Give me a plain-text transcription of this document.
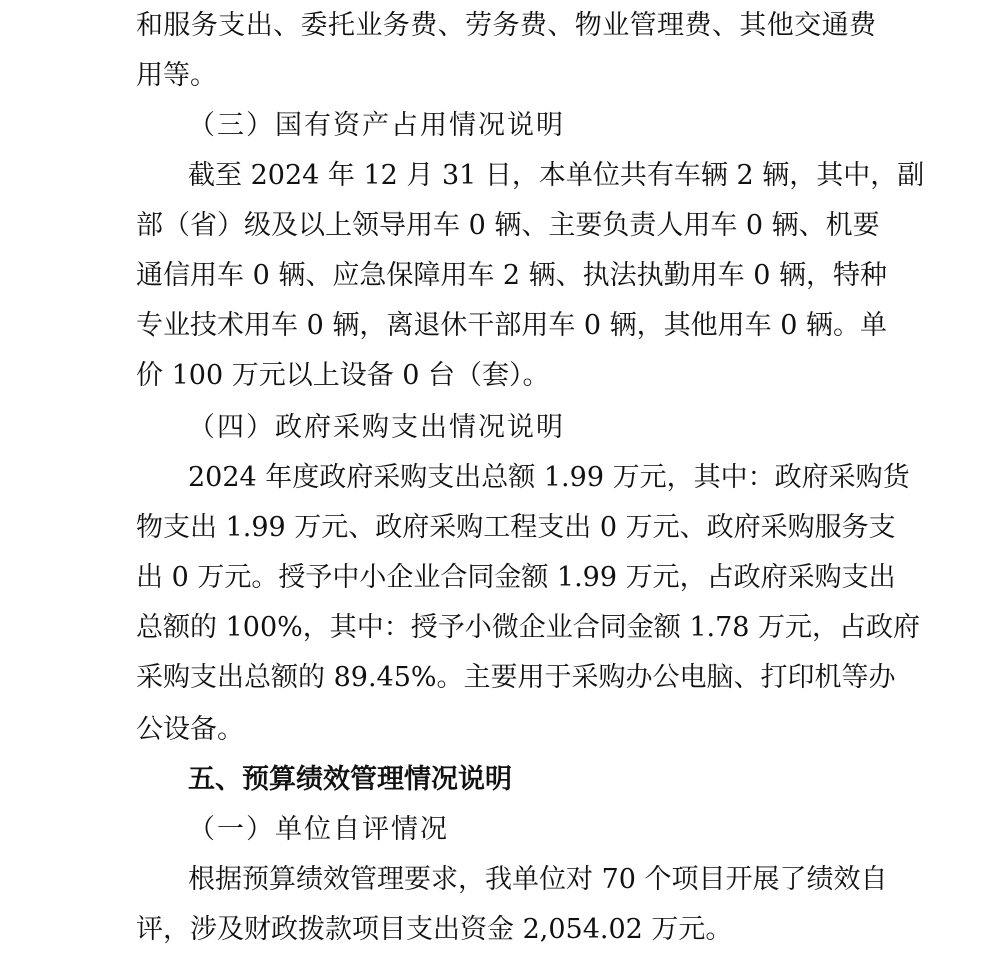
和服务支出、委托业务费、劳务费、物业管理费、其他交通费
用等。
（三）国有资产占用情况说明
截至 2024 年 12 月 31 日，本单位共有车辆 2 辆，其中，副
部（省）级及以上领导用车 0 辆、主要负责人用车 0 辆、机要
通信用车 0 辆、应急保障用车 2 辆、执法执勤用车 0 辆，特种
专业技术用车 0 辆，离退休干部用车 0 辆，其他用车 0 辆。单
价 100 万元以上设备 0 台（套）。
（四）政府采购支出情况说明
2024 年度政府采购支出总额 1.99 万元，其中：政府采购货
物支出 1.99 万元、政府采购工程支出 0 万元、政府采购服务支
出 0 万元。授予中小企业合同金额 1.99 万元，占政府采购支出
总额的 100%，其中：授予小微企业合同金额 1.78 万元，占政府
采购支出总额的 89.45%。主要用于采购办公电脑、打印机等办
公设备。
五、预算绩效管理情况说明
（一）单位自评情况
根据预算绩效管理要求，我单位对 70 个项目开展了绩效自
评，涉及财政拨款项目支出资金 2,054.02 万元。
